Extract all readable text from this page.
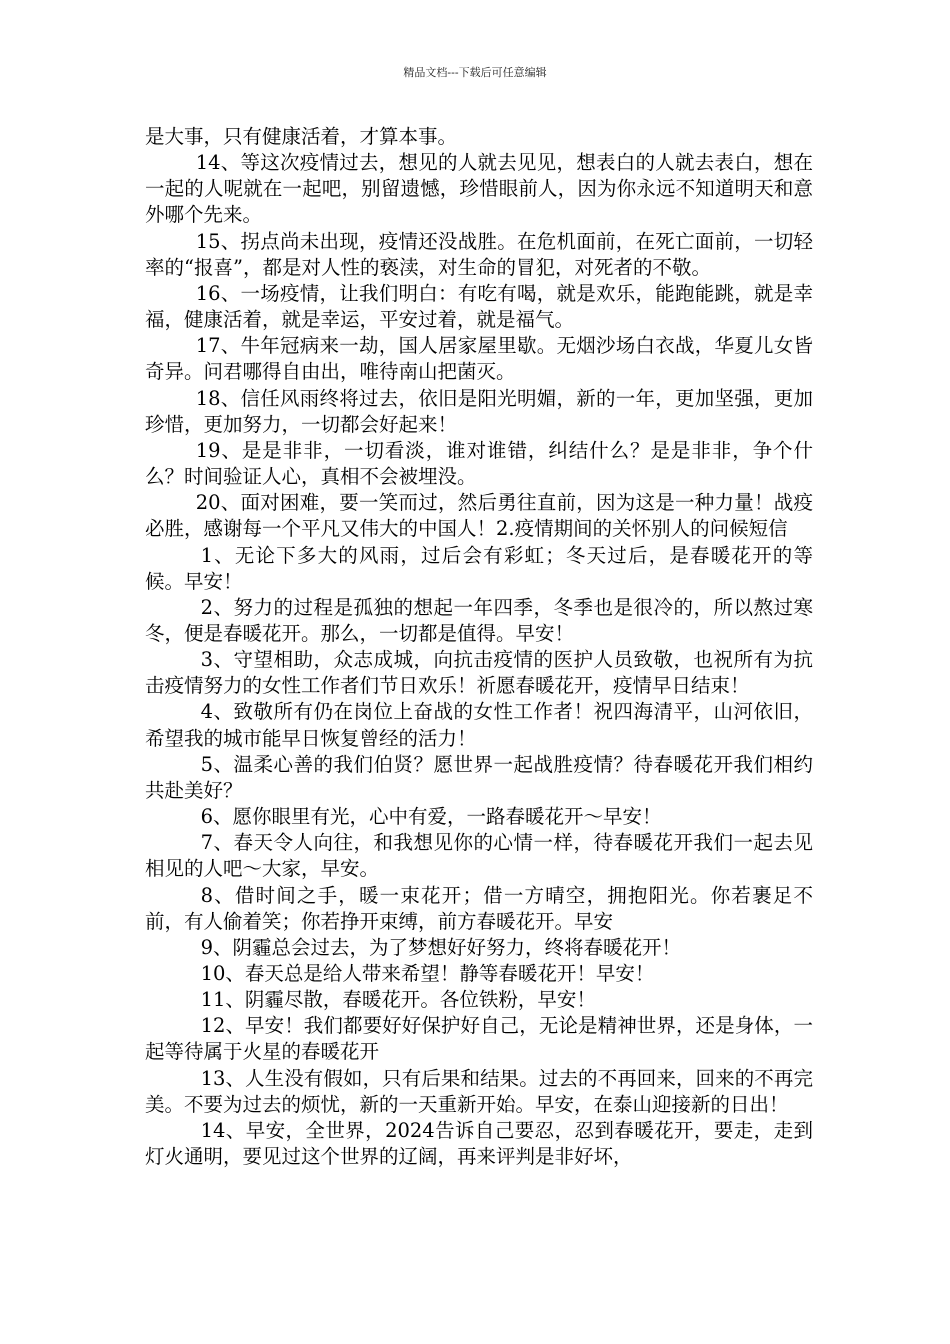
精品文档---下载后可任意编辑

是大事，只有健康活着，才算本事。

14、等这次疫情过去，想见的人就去见见，想表白的人就去表白，想在一起的人呢就在一起吧，别留遗憾，珍惜眼前人，因为你永远不知道明天和意外哪个先来。

15、拐点尚未出现，疫情还没战胜。在危机面前，在死亡面前，一切轻率的“报喜”，都是对人性的亵渎，对生命的冒犯，对死者的不敬。

16、一场疫情，让我们明白：有吃有喝，就是欢乐，能跑能跳，就是幸福，健康活着，就是幸运，平安过着，就是福气。

17、牛年冠病来一劫，国人居家屋里歇。无烟沙场白衣战，华夏儿女皆奇异。问君哪得自由出，唯待南山把菌灭。

18、信任风雨终将过去，依旧是阳光明媚，新的一年，更加坚强，更加珍惜，更加努力，一切都会好起来！

19、是是非非，一切看淡，谁对谁错，纠结什么？是是非非，争个什么？时间验证人心，真相不会被埋没。

20、面对困难，要一笑而过，然后勇往直前，因为这是一种力量！战疫必胜，感谢每一个平凡又伟大的中国人！2.疫情期间的关怀别人的问候短信

1、无论下多大的风雨，过后会有彩虹；冬天过后，是春暖花开的等候。早安！

2、努力的过程是孤独的想起一年四季，冬季也是很冷的，所以熬过寒冬，便是春暖花开。那么，一切都是值得。早安！

3、守望相助，众志成城，向抗击疫情的医护人员致敬，也祝所有为抗击疫情努力的女性工作者们节日欢乐！祈愿春暖花开，疫情早日结束！

4、致敬所有仍在岗位上奋战的女性工作者！祝四海清平，山河依旧，希望我的城市能早日恢复曾经的活力！

5、温柔心善的我们伯贤？愿世界一起战胜疫情？待春暖花开我们相约共赴美好？

6、愿你眼里有光，心中有爱，一路春暖花开～早安！

7、春天令人向往，和我想见你的心情一样，待春暖花开我们一起去见相见的人吧～大家，早安。

8、借时间之手，暖一束花开；借一方晴空，拥抱阳光。你若裹足不前，有人偷着笑；你若挣开束缚，前方春暖花开。早安

9、阴霾总会过去，为了梦想好好努力，终将春暖花开！

10、春天总是给人带来希望！静等春暖花开！早安！

11、阴霾尽散，春暖花开。各位铁粉，早安！

12、早安！我们都要好好保护好自己，无论是精神世界，还是身体，一起等待属于火星的春暖花开

13、人生没有假如，只有后果和结果。过去的不再回来，回来的不再完美。不要为过去的烦忧，新的一天重新开始。早安，在泰山迎接新的日出！

14、早安，全世界，2024告诉自己要忍，忍到春暖花开，要走，走到灯火通明，要见过这个世界的辽阔，再来评判是非好坏，
